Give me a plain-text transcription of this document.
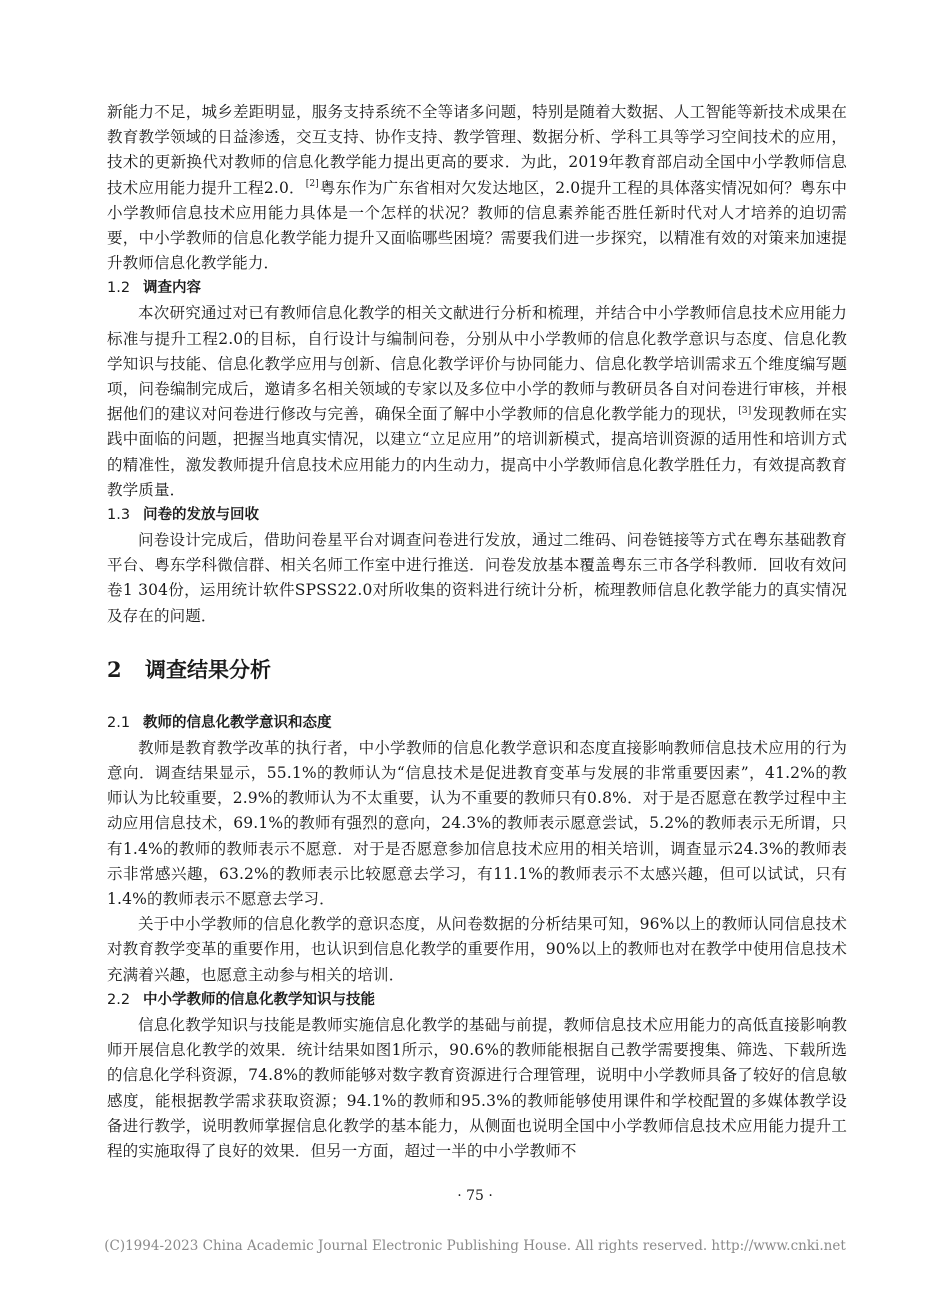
新能力不足，城乡差距明显，服务支持系统不全等诸多问题，特别是随着大数据、人工智能等新技术成果在教育教学领域的日益渗透，交互支持、协作支持、教学管理、数据分析、学科工具等学习空间技术的应用，技术的更新换代对教师的信息化教学能力提出更高的要求．为此，2019年教育部启动全国中小学教师信息技术应用能力提升工程2.0．[2]粤东作为广东省相对欠发达地区，2.0提升工程的具体落实情况如何？粤东中小学教师信息技术应用能力具体是一个怎样的状况？教师的信息素养能否胜任新时代对人才培养的迫切需要，中小学教师的信息化教学能力提升又面临哪些困境？需要我们进一步探究，以精准有效的对策来加速提升教师信息化教学能力．

1.2 调查内容

本次研究通过对已有教师信息化教学的相关文献进行分析和梳理，并结合中小学教师信息技术应用能力标准与提升工程2.0的目标，自行设计与编制问卷，分别从中小学教师的信息化教学意识与态度、信息化教学知识与技能、信息化教学应用与创新、信息化教学评价与协同能力、信息化教学培训需求五个维度编写题项，问卷编制完成后，邀请多名相关领域的专家以及多位中小学的教师与教研员各自对问卷进行审核，并根据他们的建议对问卷进行修改与完善，确保全面了解中小学教师的信息化教学能力的现状，[3]发现教师在实践中面临的问题，把握当地真实情况，以建立“立足应用”的培训新模式，提高培训资源的适用性和培训方式的精准性，激发教师提升信息技术应用能力的内生动力，提高中小学教师信息化教学胜任力，有效提高教育教学质量．

1.3 问卷的发放与回收

问卷设计完成后，借助问卷星平台对调查问卷进行发放，通过二维码、问卷链接等方式在粤东基础教育平台、粤东学科微信群、相关名师工作室中进行推送．问卷发放基本覆盖粤东三市各学科教师．回收有效问卷1 304份，运用统计软件SPSS22.0对所收集的资料进行统计分析，梳理教师信息化教学能力的真实情况及存在的问题．

2 调查结果分析
2.1 教师的信息化教学意识和态度

教师是教育教学改革的执行者，中小学教师的信息化教学意识和态度直接影响教师信息技术应用的行为意向．调查结果显示，55.1%的教师认为“信息技术是促进教育变革与发展的非常重要因素”，41.2%的教师认为比较重要，2.9%的教师认为不太重要，认为不重要的教师只有0.8%．对于是否愿意在教学过程中主动应用信息技术，69.1%的教师有强烈的意向，24.3%的教师表示愿意尝试，5.2%的教师表示无所谓，只有1.4%的教师的教师表示不愿意．对于是否愿意参加信息技术应用的相关培训，调查显示24.3%的教师表示非常感兴趣，63.2%的教师表示比较愿意去学习，有11.1%的教师表示不太感兴趣，但可以试试，只有1.4%的教师表示不愿意去学习．

关于中小学教师的信息化教学的意识态度，从问卷数据的分析结果可知，96%以上的教师认同信息技术对教育教学变革的重要作用，也认识到信息化教学的重要作用，90%以上的教师也对在教学中使用信息技术充满着兴趣，也愿意主动参与相关的培训．

2.2 中小学教师的信息化教学知识与技能

信息化教学知识与技能是教师实施信息化教学的基础与前提，教师信息技术应用能力的高低直接影响教师开展信息化教学的效果．统计结果如图1所示，90.6%的教师能根据自己教学需要搜集、筛选、下载所选的信息化学科资源，74.8%的教师能够对数字教育资源进行合理管理，说明中小学教师具备了较好的信息敏感度，能根据教学需求获取资源；94.1%的教师和95.3%的教师能够使用课件和学校配置的多媒体教学设备进行教学，说明教师掌握信息化教学的基本能力，从侧面也说明全国中小学教师信息技术应用能力提升工程的实施取得了良好的效果．但另一方面，超过一半的中小学教师不

· 75 ·
(C)1994-2023 China Academic Journal Electronic Publishing House. All rights reserved. http://www.cnki.net
